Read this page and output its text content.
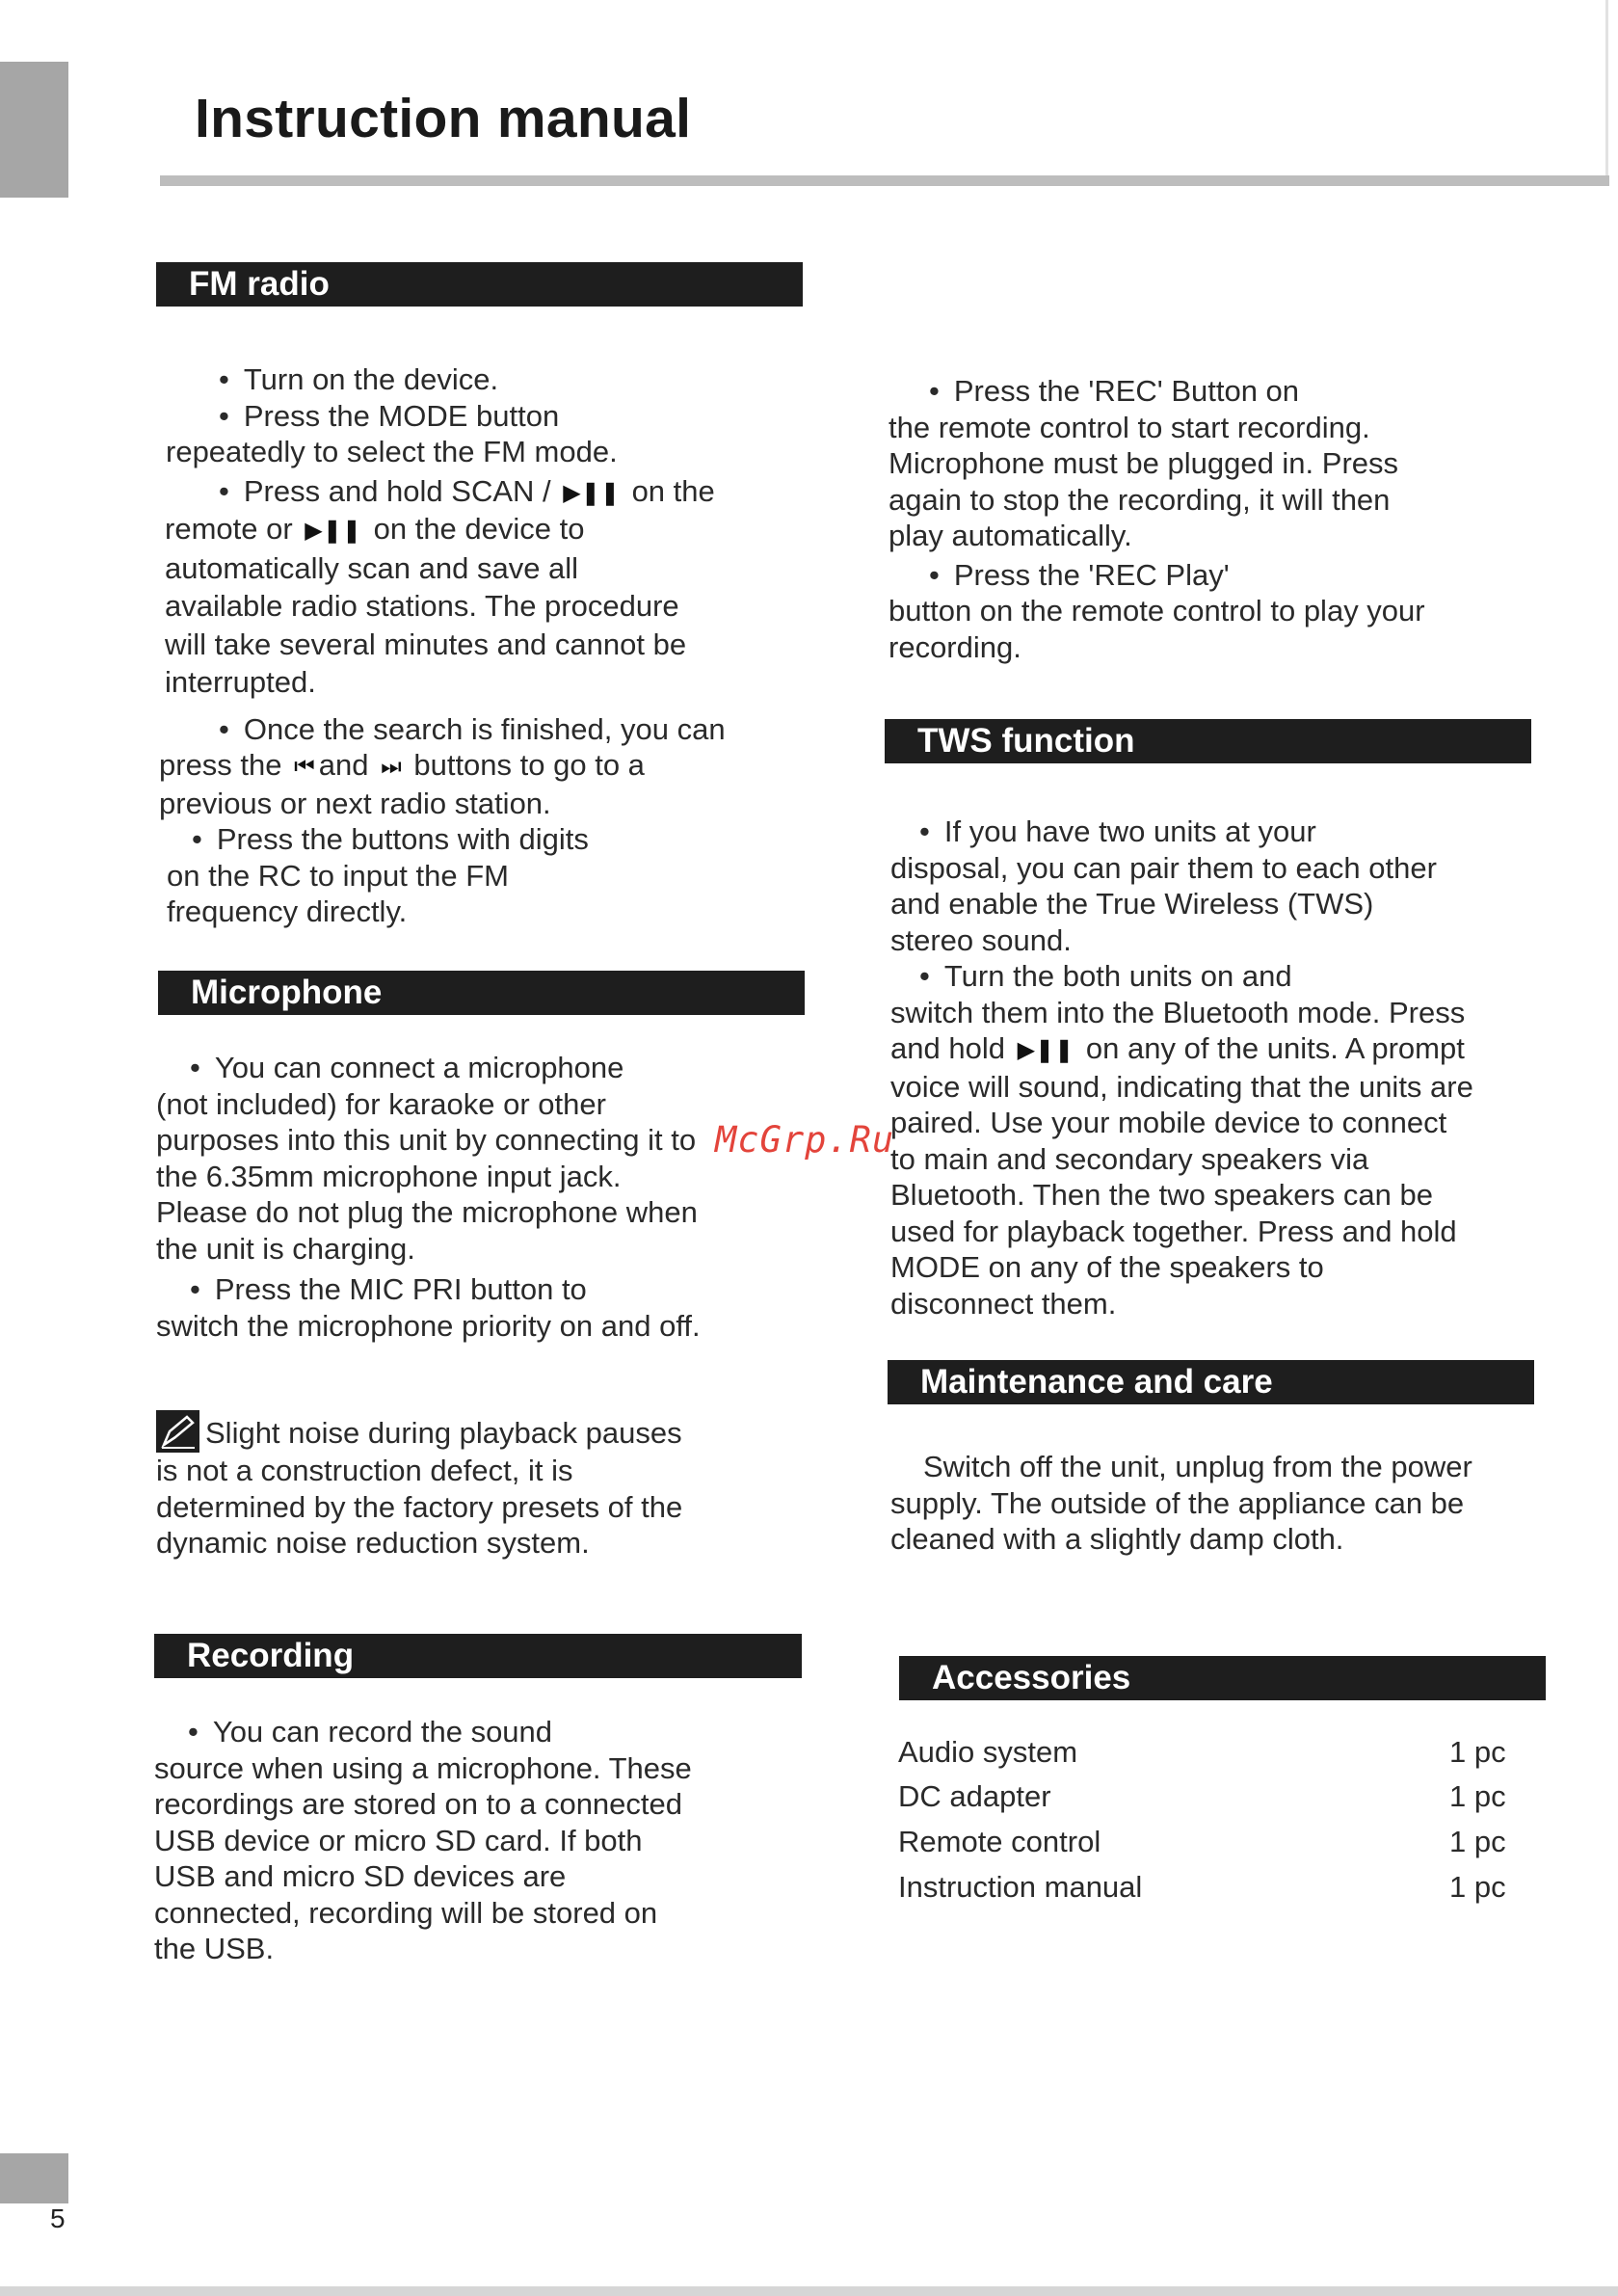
Instruction manual
5
FM radio

• Turn on the device.

• Press the MODE button

repeatedly to select the FM mode.

• Press and hold SCAN / ▶❚❚ on the

remote or ▶❚❚ on the device to

automatically scan and save all

available radio stations. The procedure

will take several minutes and cannot be

interrupted.

• Once the search is finished, you can

press the ⏮ and ⏭ buttons to go to a

previous or next radio station.

• Press the buttons with digits

on the RC to input the FM

frequency directly.

Microphone

• You can connect a microphone

(not included) for karaoke or other

purposes into this unit by connecting it to

the 6.35mm microphone input jack.

Please do not plug the microphone when

the unit is charging.

• Press the MIC PRI button to

switch the microphone priority on and off.

Slight noise during playback pauses

is not a construction defect, it is

determined by the factory presets of the

dynamic noise reduction system.

Recording

• You can record the sound

source when using a microphone. These

recordings are stored on to a connected

USB device or micro SD card. If both

USB and micro SD devices are

connected, recording will be stored on

the USB.

• Press the 'REC' Button on

the remote control to start recording.

Microphone must be plugged in. Press

again to stop the recording, it will then

play automatically.

• Press the 'REC Play'

button on the remote control to play your

recording.

TWS function

• If you have two units at your

disposal, you can pair them to each other

and enable the True Wireless (TWS)

stereo sound.

• Turn the both units on and

switch them into the Bluetooth mode. Press

and hold ▶❚❚ on any of the units. A prompt

voice will sound, indicating that the units are

paired. Use your mobile device to connect

to main and secondary speakers via

Bluetooth. Then the two speakers can be

used for playback together. Press and hold

MODE on any of the speakers to

disconnect them.

Maintenance and care

Switch off the unit, unplug from the power

supply. The outside of the appliance can be

cleaned with a slightly damp cloth.

Accessories
Audio system	1 pc
DC adapter	1 pc
Remote control	1 pc
Instruction manual	1 pc
McGrp.Ru
